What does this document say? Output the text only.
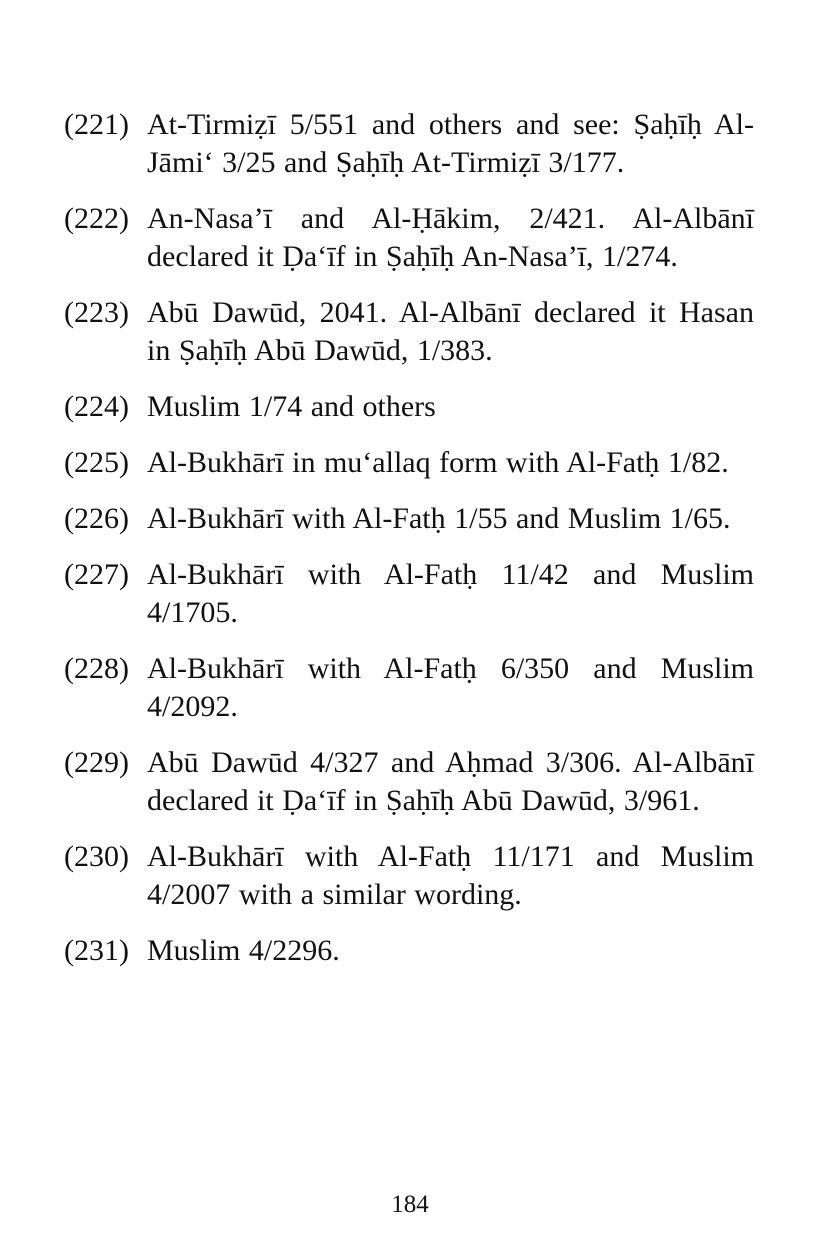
(221) At-Tirmiẓī 5/551 and others and see: Ṣaḥīḥ Al-Jāmi‘ 3/25 and Ṣaḥīḥ At-Tirmiẓī 3/177.
(222) An-Nasa’ī and Al-Ḥākim, 2/421. Al-Albānī declared it Ḍa‘īf in Ṣaḥīḥ An-Nasa’ī, 1/274.
(223) Abū Dawūd, 2041. Al-Albānī declared it Hasan in Ṣaḥīḥ Abū Dawūd, 1/383.
(224) Muslim 1/74 and others
(225) Al-Bukhārī in mu‘allaq form with Al-Fatḥ 1/82.
(226) Al-Bukhārī with Al-Fatḥ 1/55 and Muslim 1/65.
(227) Al-Bukhārī with Al-Fatḥ 11/42 and Muslim 4/1705.
(228) Al-Bukhārī with Al-Fatḥ 6/350 and Muslim 4/2092.
(229) Abū Dawūd 4/327 and Aḥmad 3/306. Al-Albānī declared it Ḍa‘īf in Ṣaḥīḥ Abū Dawūd, 3/961.
(230) Al-Bukhārī with Al-Fatḥ 11/171 and Muslim 4/2007 with a similar wording.
(231) Muslim 4/2296.
184
